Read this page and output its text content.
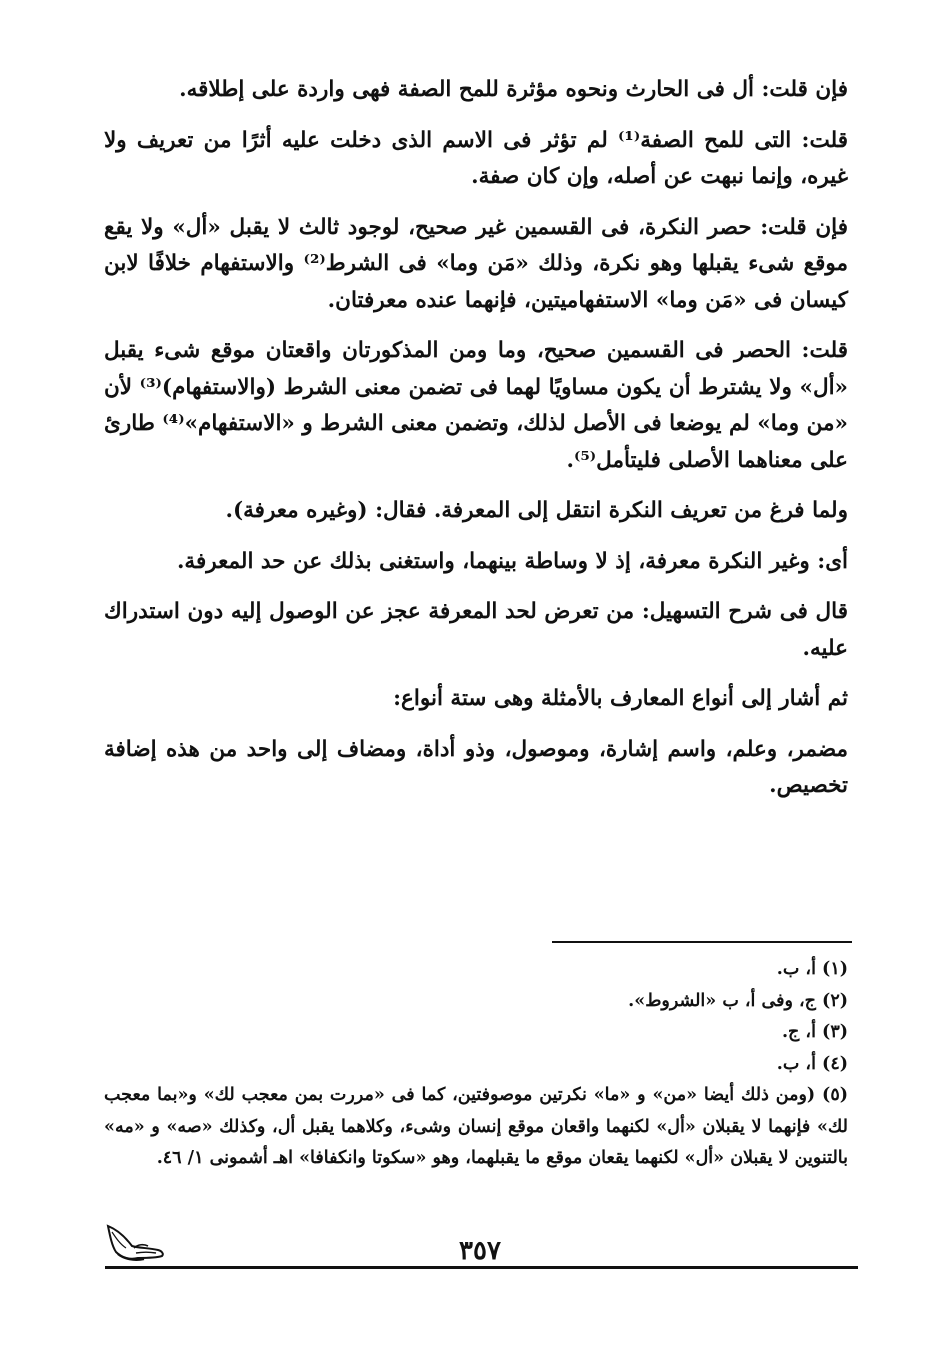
فإن قلت: أل فى الحارث ونحوه مؤثرة للمح الصفة فهى واردة على إطلاقه.

قلت: التى للمح الصفة⁽¹⁾ لم تؤثر فى الاسم الذى دخلت عليه أثرًا من تعريف ولا غيره، وإنما نبهت عن أصله، وإن كان صفة.

فإن قلت: حصر النكرة، فى القسمين غير صحيح، لوجود ثالث لا يقبل «أل» ولا يقع موقع شىء يقبلها وهو نكرة، وذلك «مَن وما» فى الشرط⁽²⁾ والاستفهام خلافًا لابن كيسان فى «مَن وما» الاستفهاميتين، فإنهما عنده معرفتان.

قلت: الحصر فى القسمين صحيح، وما ومن المذكورتان واقعتان موقع شىء يقبل «أل» ولا يشترط أن يكون مساويًا لهما فى تضمن معنى الشرط (والاستفهام)⁽³⁾ لأن «من وما» لم يوضعا فى الأصل لذلك، وتضمن معنى الشرط و «الاستفهام»⁽⁴⁾ طارئ على معناهما الأصلى فليتأمل⁽⁵⁾.

ولما فرغ من تعريف النكرة انتقل إلى المعرفة. فقال: (وغيره معرفة).

أى: وغير النكرة معرفة، إذ لا وساطة بينهما، واستغنى بذلك عن حد المعرفة.

قال فى شرح التسهيل: من تعرض لحد المعرفة عجز عن الوصول إليه دون استدراك عليه.

ثم أشار إلى أنواع المعارف بالأمثلة وهى ستة أنواع:

مضمر، وعلم، واسم إشارة، وموصول، وذو أداة، ومضاف إلى واحد من هذه إضافة تخصيص.

(١) أ، ب.

(٢) ج، وفى أ، ب «الشروط».

(٣) أ، ج.

(٤) أ، ب.

(٥) (ومن ذلك أيضا «من» و «ما» نكرتين موصوفتين، كما فى «مررت بمن معجب لك» و«بما معجب لك» فإنهما لا يقبلان «أل» لكنهما واقعان موقع إنسان وشىء، وكلاهما يقبل أل، وكذلك «صه» و «مه» بالتنوين لا يقبلان «أل» لكنهما يقعان موقع ما يقبلهما، وهو «سكوتا وانكفافا» اهـ أشمونى ١/ ٤٦.

٣٥٧
